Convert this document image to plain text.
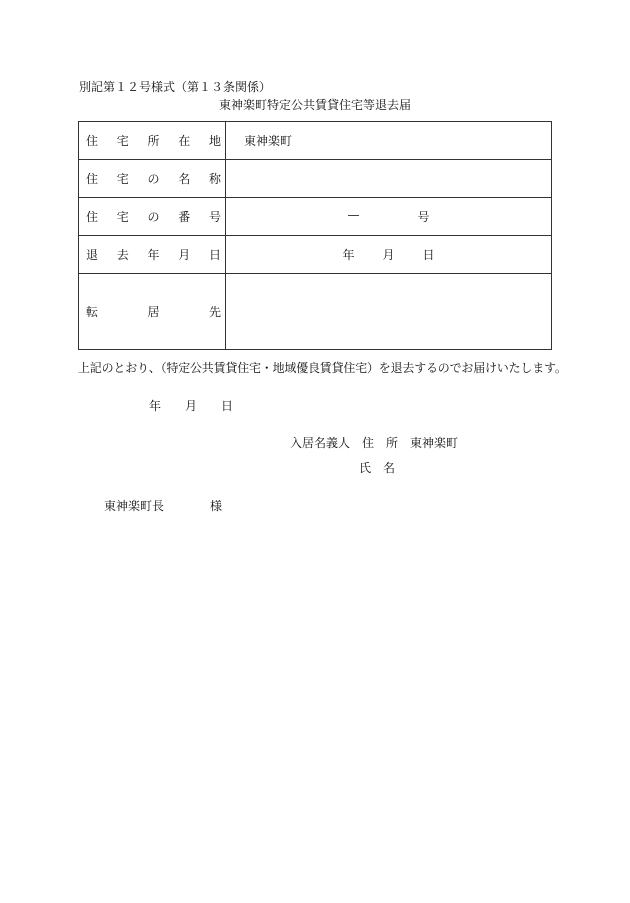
別記第１２号様式（第１３条関係）
東神楽町特定公共賃貸住宅等退去届
住 宅 所 在 地	東神楽町

住 宅 の 名 称	

住 宅 の 番 号	— 号

退 去 年 月 日	年 月 日

転 居 先	

上記のとおり、（特定公共賃貸住宅・地域優良賃貸住宅）を退去するのでお届けいたします。
年 月 日
入居名義人 住　所 東神楽町
氏　名
東神楽町長	様
